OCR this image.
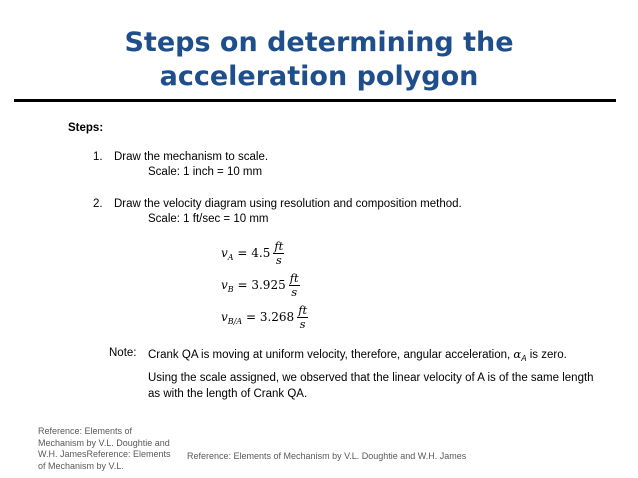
Steps on determining the
acceleration polygon
Steps:
1. Draw the mechanism to scale.
Scale: 1 inch = 10 mm
2. Draw the velocity diagram using resolution and composition method.
Scale: 1 ft/sec = 10 mm
v $A = 4.5 \frac{ft}{s}$
v $B = 3.925 \frac{ft}{s}$
v $B/A = 3.268 \frac{ft}{s}$
Note: Crank QA is moving at uniform velocity, therefore, angular acceleration, $\alpha_A$ is zero.
Using the scale assigned, we observed that the linear velocity of A is of the same length
as with the length of Crank QA.
Reference: Elements of Mechanism by V.L. Doughtie and W.H. JamesReference: Elements of Mechanism by V.L.
Reference: Elements of Mechanism by V.L. Doughtie and W.H. James
